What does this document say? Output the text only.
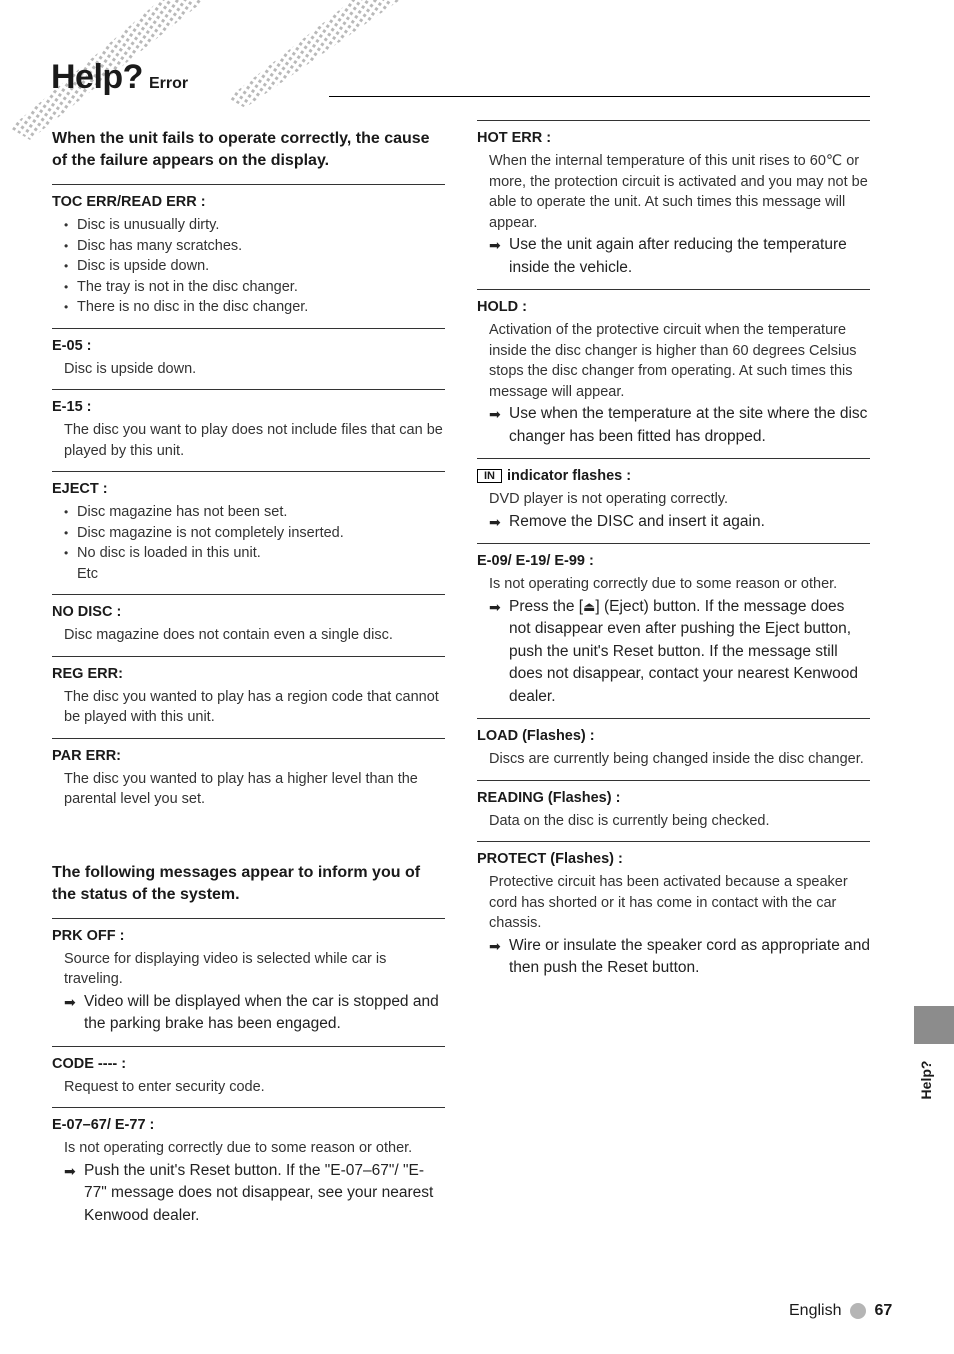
Help? Error

When the unit fails to operate correctly, the cause of the failure appears on the display.

TOC ERR/READ ERR :
• Disc is unusually dirty.
• Disc has many scratches.
• Disc is upside down.
• The tray is not in the disc changer.
• There is no disc in the disc changer.
E-05 :

Disc is upside down.

E-15 :

The disc you want to play does not include files that can be played by this unit.

EJECT :
• Disc magazine has not been set.
• Disc magazine is not completely inserted.
• No disc is loaded in this unit.
Etc
NO DISC :

Disc magazine does not contain even a single disc.

REG ERR:

The disc you wanted to play has a region code that cannot be played with this unit.

PAR ERR:

The disc you wanted to play has a higher level than the parental level you set.

The following messages appear to inform you of the status of the system.

PRK OFF :

Source for displaying video is selected while car is traveling.

➡ Video will be displayed when the car is stopped and the parking brake has been engaged.
CODE ---- :

Request to enter security code.

E-07–67/ E-77 :

Is not operating correctly due to some reason or other.

➡ Push the unit's Reset button. If the "E-07–67"/ "E-77" message does not disappear, see your nearest Kenwood dealer.
HOT ERR :

When the internal temperature of this unit rises to 60℃ or more, the protection circuit is activated and you may not be able to operate the unit. At such times this message will appear.

➡ Use the unit again after reducing the temperature inside the vehicle.
HOLD :

Activation of the protective circuit when the temperature inside the disc changer is higher than 60 degrees Celsius stops the disc changer from operating. At such times this message will appear.

➡ Use when the temperature at the site where the disc changer has been fitted has dropped.
IN indicator flashes :

DVD player is not operating correctly.

➡ Remove the DISC and insert it again.
E-09/ E-19/ E-99 :

Is not operating correctly due to some reason or other.

➡ Press the [⏏] (Eject) button. If the message does not disappear even after pushing the Eject button, push the unit's Reset button. If the message still does not disappear, contact your nearest Kenwood dealer.
LOAD (Flashes) :

Discs are currently being changed inside the disc changer.

READING (Flashes) :

Data on the disc is currently being checked.

PROTECT (Flashes) :

Protective circuit has been activated because a speaker cord has shorted or it has come in contact with the car chassis.

➡ Wire or insulate the speaker cord as appropriate and then push the Reset button.
Help?
English 67
